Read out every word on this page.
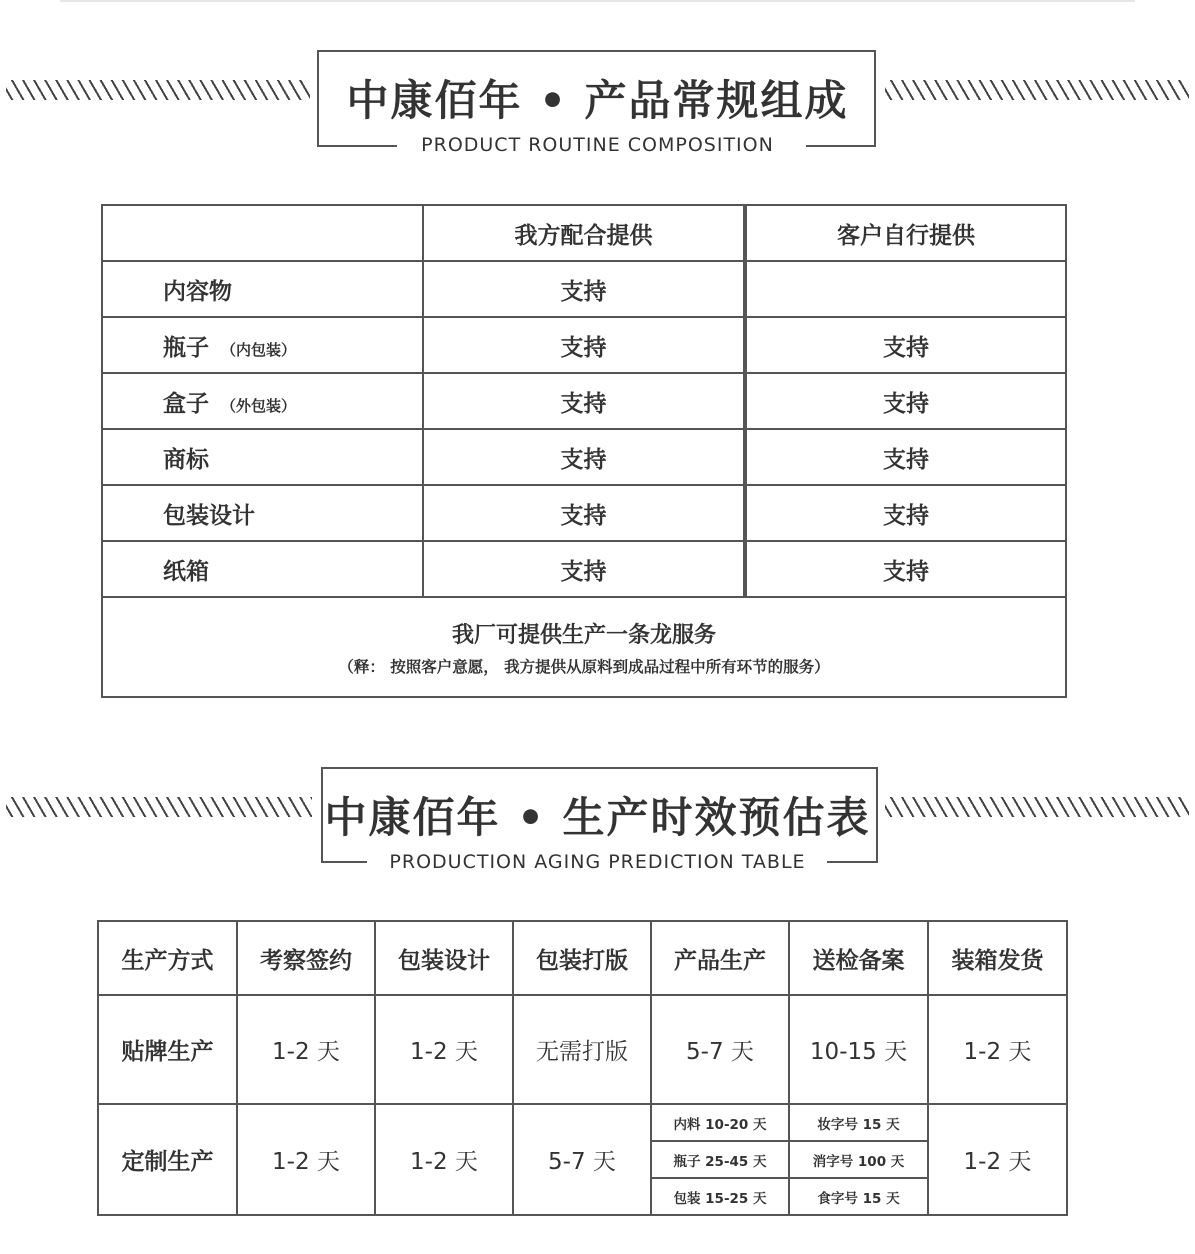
中康佰年 • 产品常规组成
PRODUCT ROUTINE COMPOSITION
	我方配合提供	客户自行提供
内容物	支持	
瓶子 （内包装）	支持	支持
盒子 （外包装）	支持	支持
商标	支持	支持
包装设计	支持	支持
纸箱	支持	支持

我厂可提供生产一条龙服务
（释： 按照客户意愿， 我方提供从原料到成品过程中所有环节的服务）		
中康佰年 • 生产时效预估表
PRODUCTION AGING PREDICTION TABLE
生产方式	考察签约	包装设计	包装打版	产品生产	送检备案	装箱发货
贴牌生产	1-2 天	1-2 天	无需打版	5-7 天	10-15 天	1-2 天
定制生产	1-2 天	1-2 天	5-7 天	内料 10-20 天	妆字号 15 天	1-2 天
				瓶子 25-45 天	消字号 100 天	
				包装 15-25 天	食字号 15 天	
